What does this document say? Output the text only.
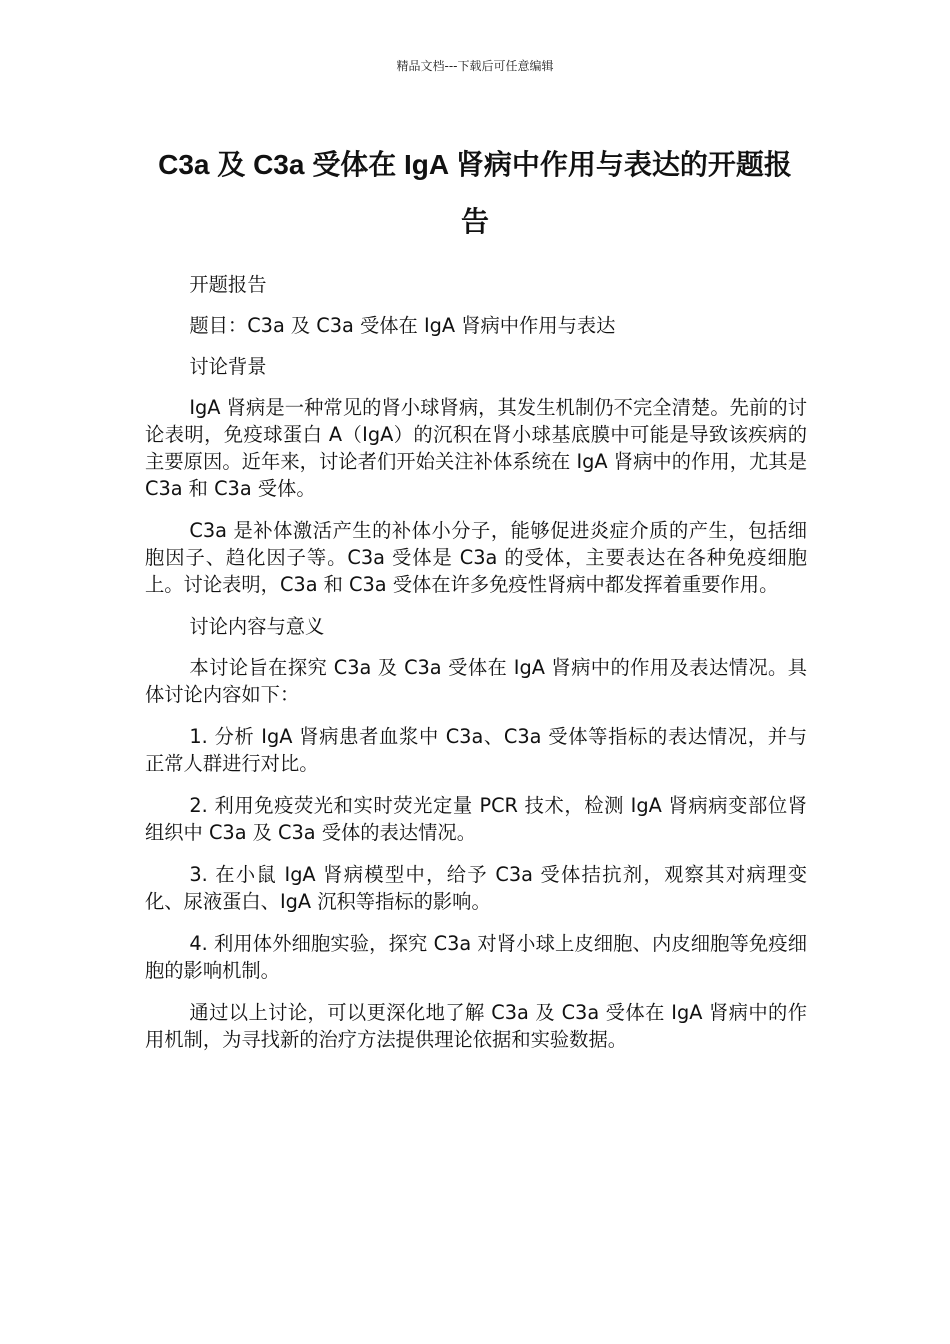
精品文档---下载后可任意编辑
C3a 及 C3a 受体在 IgA 肾病中作用与表达的开题报告

开题报告

题目：C3a 及 C3a 受体在 IgA 肾病中作用与表达

讨论背景

IgA 肾病是一种常见的肾小球肾病，其发生机制仍不完全清楚。先前的讨论表明，免疫球蛋白 A（IgA）的沉积在肾小球基底膜中可能是导致该疾病的主要原因。近年来，讨论者们开始关注补体系统在 IgA 肾病中的作用，尤其是 C3a 和 C3a 受体。

C3a 是补体激活产生的补体小分子，能够促进炎症介质的产生，包括细胞因子、趋化因子等。C3a 受体是 C3a 的受体，主要表达在各种免疫细胞上。讨论表明，C3a 和 C3a 受体在许多免疫性肾病中都发挥着重要作用。

讨论内容与意义

本讨论旨在探究 C3a 及 C3a 受体在 IgA 肾病中的作用及表达情况。具体讨论内容如下：

1. 分析 IgA 肾病患者血浆中 C3a、C3a 受体等指标的表达情况，并与正常人群进行对比。

2. 利用免疫荧光和实时荧光定量 PCR 技术，检测 IgA 肾病病变部位肾组织中 C3a 及 C3a 受体的表达情况。

3. 在小鼠 IgA 肾病模型中，给予 C3a 受体拮抗剂，观察其对病理变化、尿液蛋白、IgA 沉积等指标的影响。

4. 利用体外细胞实验，探究 C3a 对肾小球上皮细胞、内皮细胞等免疫细胞的影响机制。

通过以上讨论，可以更深化地了解 C3a 及 C3a 受体在 IgA 肾病中的作用机制，为寻找新的治疗方法提供理论依据和实验数据。
